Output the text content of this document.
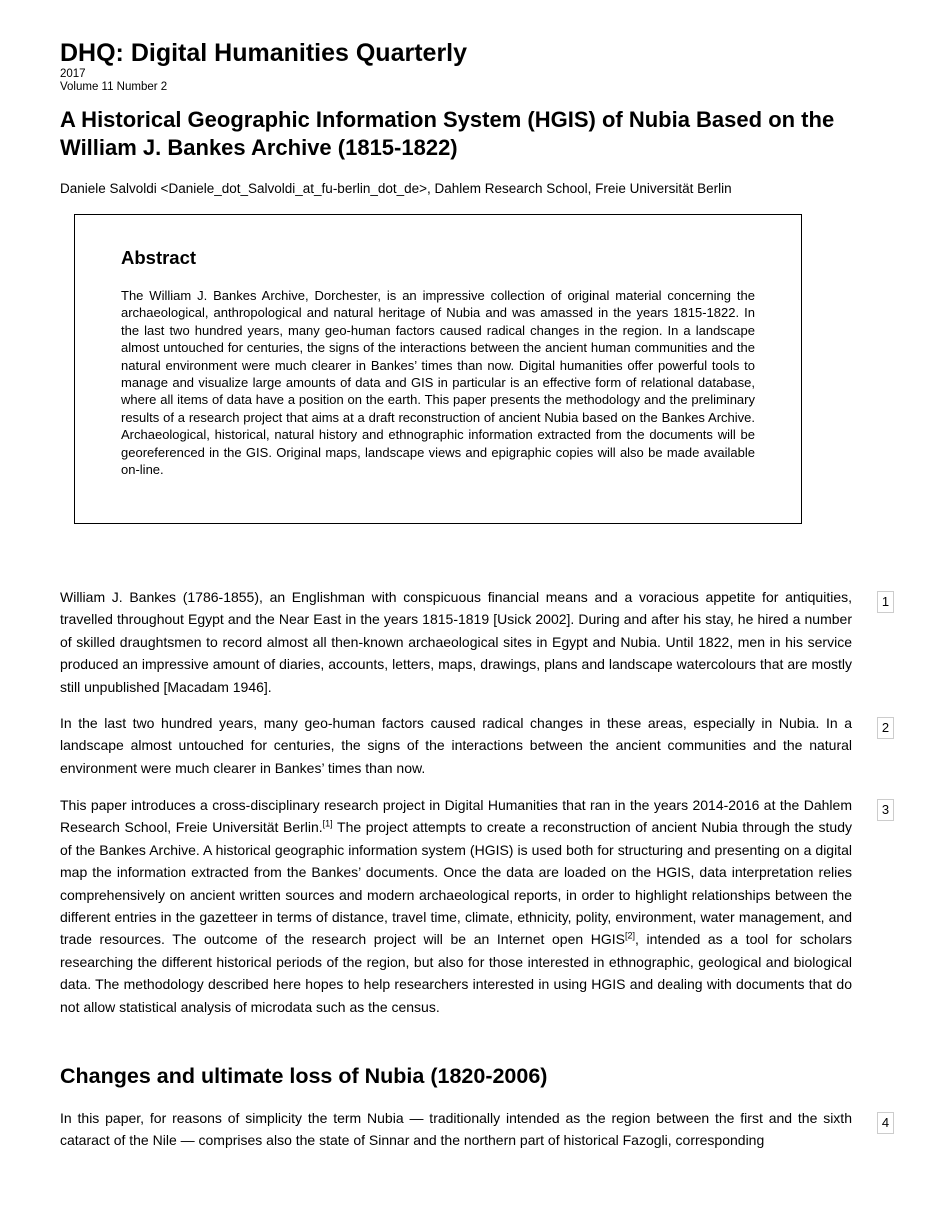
DHQ: Digital Humanities Quarterly
2017
Volume 11 Number 2
A Historical Geographic Information System (HGIS) of Nubia Based on the William J. Bankes Archive (1815-1822)
Daniele Salvoldi <Daniele_dot_Salvoldi_at_fu-berlin_dot_de>, Dahlem Research School, Freie Universität Berlin
Abstract

The William J. Bankes Archive, Dorchester, is an impressive collection of original material concerning the archaeological, anthropological and natural heritage of Nubia and was amassed in the years 1815-1822. In the last two hundred years, many geo-human factors caused radical changes in the region. In a landscape almost untouched for centuries, the signs of the interactions between the ancient human communities and the natural environment were much clearer in Bankes’ times than now. Digital humanities offer powerful tools to manage and visualize large amounts of data and GIS in particular is an effective form of relational database, where all items of data have a position on the earth. This paper presents the methodology and the preliminary results of a research project that aims at a draft reconstruction of ancient Nubia based on the Bankes Archive. Archaeological, historical, natural history and ethnographic information extracted from the documents will be georeferenced in the GIS. Original maps, landscape views and epigraphic copies will also be made available on-line.

William J. Bankes (1786-1855), an Englishman with conspicuous financial means and a voracious appetite for antiquities, travelled throughout Egypt and the Near East in the years 1815-1819 [Usick 2002]. During and after his stay, he hired a number of skilled draughtsmen to record almost all then-known archaeological sites in Egypt and Nubia. Until 1822, men in his service produced an impressive amount of diaries, accounts, letters, maps, drawings, plans and landscape watercolours that are mostly still unpublished [Macadam 1946].
1
In the last two hundred years, many geo-human factors caused radical changes in these areas, especially in Nubia. In a landscape almost untouched for centuries, the signs of the interactions between the ancient communities and the natural environment were much clearer in Bankes’ times than now.
2
This paper introduces a cross-disciplinary research project in Digital Humanities that ran in the years 2014-2016 at the Dahlem Research School, Freie Universität Berlin.[1] The project attempts to create a reconstruction of ancient Nubia through the study of the Bankes Archive. A historical geographic information system (HGIS) is used both for structuring and presenting on a digital map the information extracted from the Bankes’ documents. Once the data are loaded on the HGIS, data interpretation relies comprehensively on ancient written sources and modern archaeological reports, in order to highlight relationships between the different entries in the gazetteer in terms of distance, travel time, climate, ethnicity, polity, environment, water management, and trade resources. The outcome of the research project will be an Internet open HGIS[2], intended as a tool for scholars researching the different historical periods of the region, but also for those interested in ethnographic, geological and biological data. The methodology described here hopes to help researchers interested in using HGIS and dealing with documents that do not allow statistical analysis of microdata such as the census.
3
Changes and ultimate loss of Nubia (1820-2006)
In this paper, for reasons of simplicity the term Nubia — traditionally intended as the region between the first and the sixth cataract of the Nile — comprises also the state of Sinnar and the northern part of historical Fazogli, corresponding
4
